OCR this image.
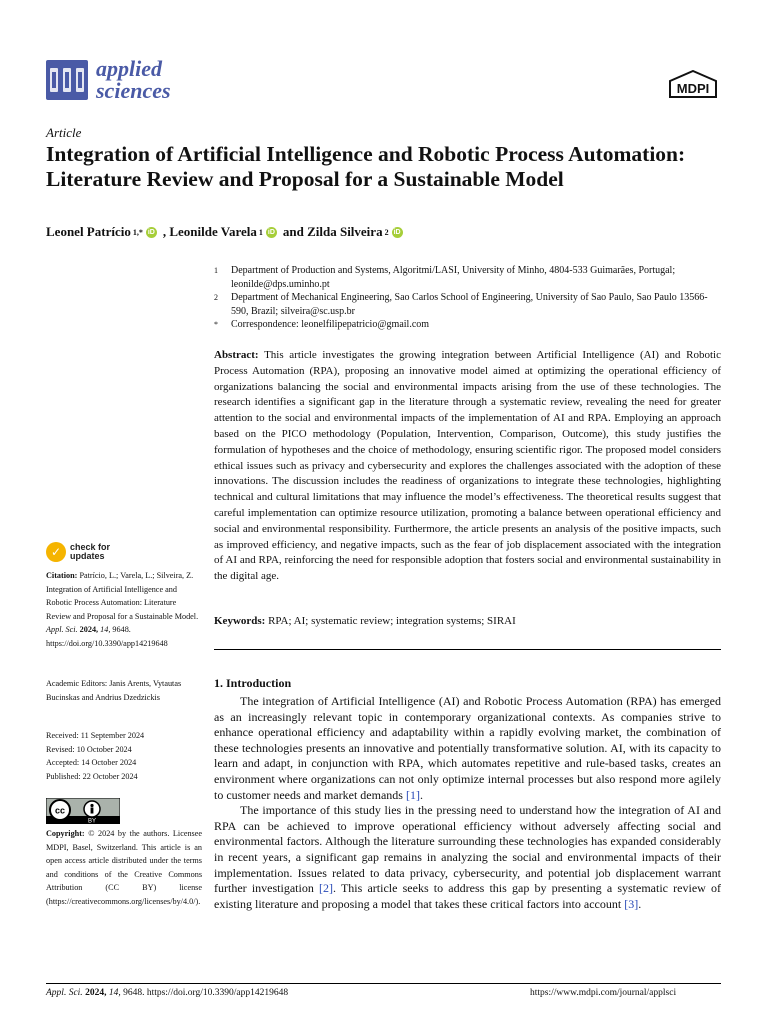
applied
sciences	MDPI
Article
Integration of Artificial Intelligence and Robotic Process Automation: Literature Review and Proposal for a Sustainable Model
Leonel Patrício 1,* iD , Leonilde Varela 1 iD and Zilda Silveira 2 iD
1	Department of Production and Systems, Algoritmi/LASI, University of Minho, 4804-533 Guimarães, Portugal; leonilde@dps.uminho.pt
2	Department of Mechanical Engineering, Sao Carlos School of Engineering, University of Sao Paulo, Sao Paulo 13566-590, Brazil; silveira@sc.usp.br
*	Correspondence: leonelfilipepatricio@gmail.com
Abstract: This article investigates the growing integration between Artificial Intelligence (AI) and Robotic Process Automation (RPA), proposing an innovative model aimed at optimizing the operational efficiency of organizations balancing the social and environmental impacts arising from the use of these technologies. The research identifies a significant gap in the literature through a systematic review, revealing the need for greater attention to the social and environmental impacts of the implementation of AI and RPA. Employing an approach based on the PICO methodology (Population, Intervention, Comparison, Outcome), this study justifies the formulation of hypotheses and the choice of methodology, ensuring scientific rigor. The proposed model considers ethical issues such as privacy and cybersecurity and explores the challenges associated with the adoption of these innovations. The discussion includes the readiness of organizations to integrate these technologies, highlighting technical and cultural limitations that may influence the model’s effectiveness. The theoretical results suggest that careful implementation can optimize resource utilization, promoting a balance between operational efficiency and social and environmental responsibility. Furthermore, the article presents an analysis of the positive impacts, such as improved efficiency, and negative impacts, such as the fear of job displacement associated with the integration of AI and RPA, reinforcing the need for responsible adoption that fosters social and environmental sustainability in the digital age.
Keywords: RPA; AI; systematic review; integration systems; SIRAI
1. Introduction

The integration of Artificial Intelligence (AI) and Robotic Process Automation (RPA) has emerged as an increasingly relevant topic in contemporary organizational contexts. As companies strive to enhance operational efficiency and adaptability within a rapidly evolving market, the combination of these technologies presents an innovative and potentially transformative solution. AI, with its capacity to learn and adapt, in conjunction with RPA, which automates repetitive and rule-based tasks, creates an environment where organizations can not only optimize internal processes but also respond more agilely to customer needs and market demands [1].

The importance of this study lies in the pressing need to understand how the integration of AI and RPA can be achieved to improve operational efficiency without adversely affecting social and environmental factors. Although the literature surrounding these technologies has expanded considerably in recent years, a significant gap remains in analyzing the social and environmental impacts of their implementation. Issues related to data privacy, cybersecurity, and potential job displacement warrant further investigation [2]. This article seeks to address this gap by presenting a systematic review of existing literature and proposing a model that takes these critical factors into account [3].

✓ check for
updates
Citation: Patrício, L.; Varela, L.; Silveira, Z. Integration of Artificial Intelligence and Robotic Process Automation: Literature Review and Proposal for a Sustainable Model. Appl. Sci. 2024, 14, 9648. https://doi.org/10.3390/app14219648
Academic Editors: Janis Arents, Vytautas Bucinskas and Andrius Dzedzickis
Received: 11 September 2024
Revised: 10 October 2024
Accepted: 14 October 2024
Published: 22 October 2024
cc
BY
Copyright: © 2024 by the authors. Licensee MDPI, Basel, Switzerland. This article is an open access article distributed under the terms and conditions of the Creative Commons Attribution (CC BY) license (https://creativecommons.org/licenses/by/4.0/).
Appl. Sci. 2024, 14, 9648. https://doi.org/10.3390/app14219648	https://www.mdpi.com/journal/applsci
